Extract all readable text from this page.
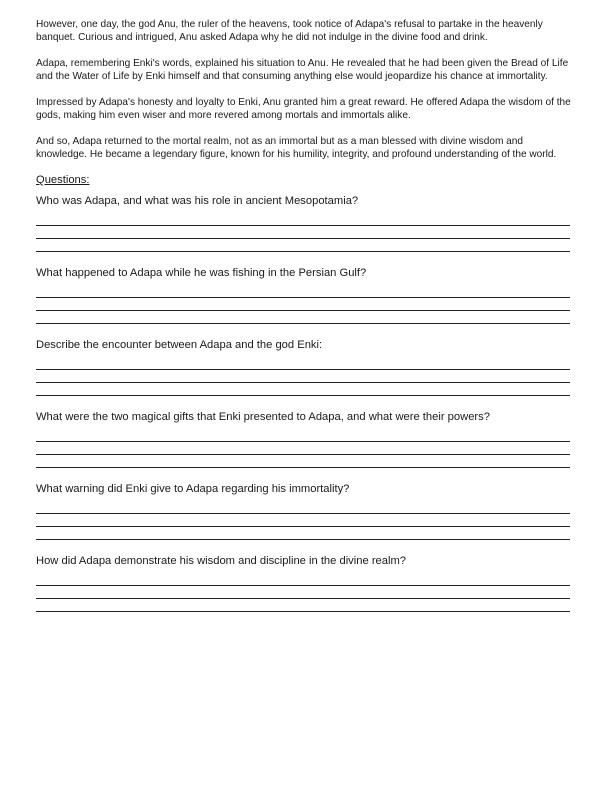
However, one day, the god Anu, the ruler of the heavens, took notice of Adapa's refusal to partake in the heavenly banquet. Curious and intrigued, Anu asked Adapa why he did not indulge in the divine food and drink.

Adapa, remembering Enki's words, explained his situation to Anu. He revealed that he had been given the Bread of Life and the Water of Life by Enki himself and that consuming anything else would jeopardize his chance at immortality.

Impressed by Adapa's honesty and loyalty to Enki, Anu granted him a great reward. He offered Adapa the wisdom of the gods, making him even wiser and more revered among mortals and immortals alike.

And so, Adapa returned to the mortal realm, not as an immortal but as a man blessed with divine wisdom and knowledge. He became a legendary figure, known for his humility, integrity, and profound understanding of the world.

Questions:
Who was Adapa, and what was his role in ancient Mesopotamia?
What happened to Adapa while he was fishing in the Persian Gulf?
Describe the encounter between Adapa and the god Enki:
What were the two magical gifts that Enki presented to Adapa, and what were their powers?
What warning did Enki give to Adapa regarding his immortality?
How did Adapa demonstrate his wisdom and discipline in the divine realm?
